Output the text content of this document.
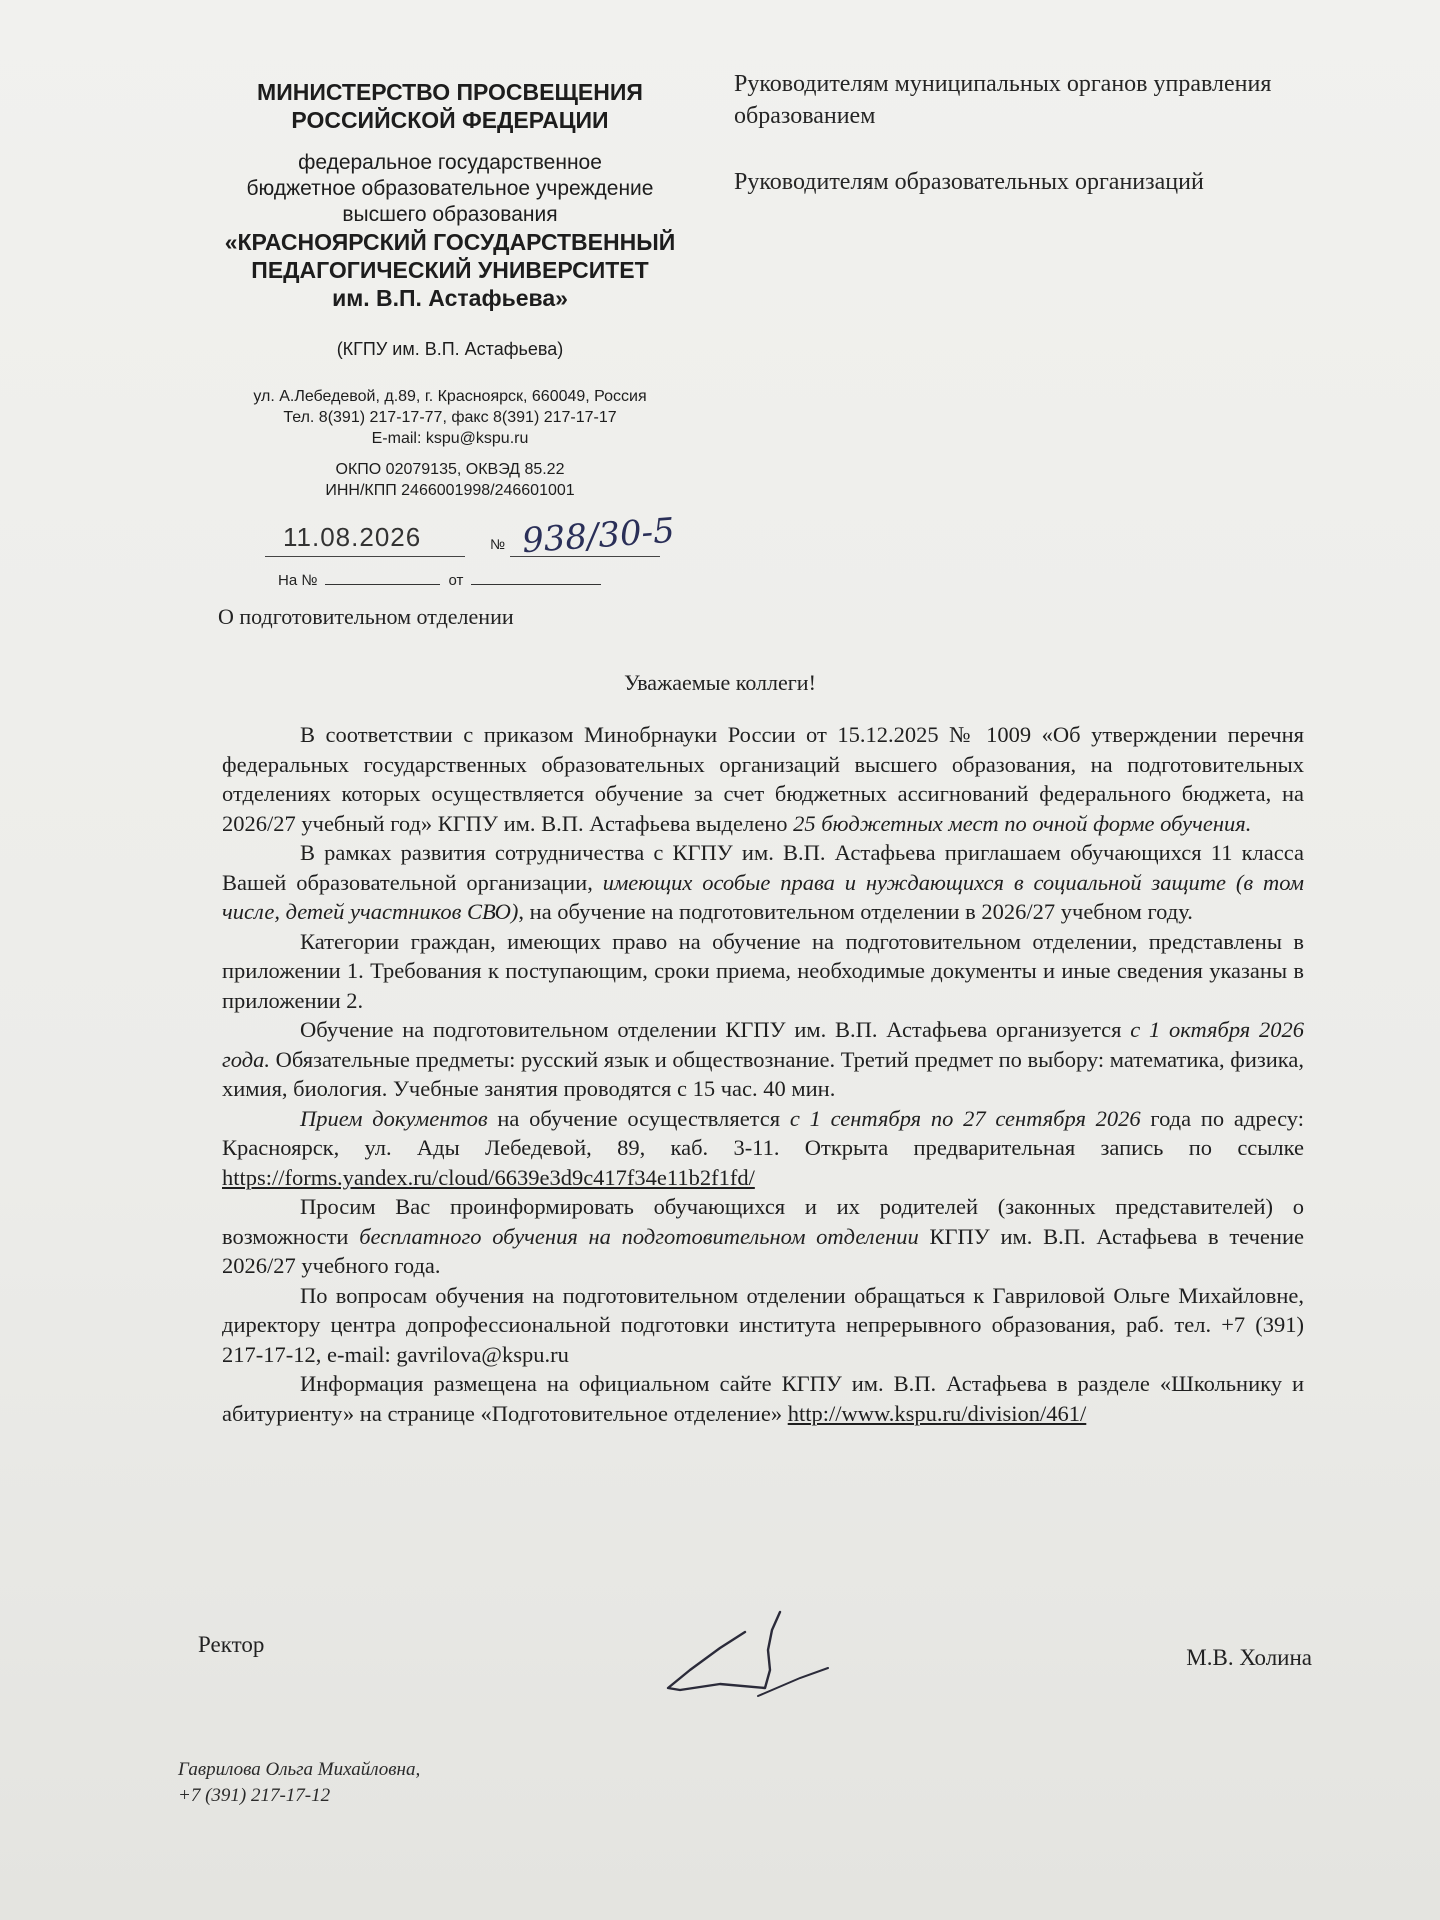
МИНИСТЕРСТВО ПРОСВЕЩЕНИЯ
РОССИЙСКОЙ ФЕДЕРАЦИИ
федеральное государственное
бюджетное образовательное учреждение
высшего образования
«КРАСНОЯРСКИЙ ГОСУДАРСТВЕННЫЙ
ПЕДАГОГИЧЕСКИЙ УНИВЕРСИТЕТ
им. В.П. Астафьева»
(КГПУ им. В.П. Астафьева)
ул. А.Лебедевой, д.89, г. Красноярск, 660049, Россия
Тел. 8(391) 217-17-77, факс 8(391) 217-17-17
E-mail: kspu@kspu.ru
ОКПО 02079135, ОКВЭД 85.22
ИНН/КПП 2466001998/246601001

Руководителям муниципальных органов управления образованием

Руководителям образовательных организаций

11.08.2026	№ 938/30-5
На №	от
О подготовительном отделении
Уважаемые коллеги!

В соответствии с приказом Минобрнауки России от 15.12.2025 № 1009 «Об утверждении перечня федеральных государственных образовательных организаций высшего образования, на подготовительных отделениях которых осуществляется обучение за счет бюджетных ассигнований федерального бюджета, на 2026/27 учебный год» КГПУ им. В.П. Астафьева выделено 25 бюджетных мест по очной форме обучения.

В рамках развития сотрудничества с КГПУ им. В.П. Астафьева приглашаем обучающихся 11 класса Вашей образовательной организации, имеющих особые права и нуждающихся в социальной защите (в том числе, детей участников СВО), на обучение на подготовительном отделении в 2026/27 учебном году.

Категории граждан, имеющих право на обучение на подготовительном отделении, представлены в приложении 1. Требования к поступающим, сроки приема, необходимые документы и иные сведения указаны в приложении 2.

Обучение на подготовительном отделении КГПУ им. В.П. Астафьева организуется с 1 октября 2026 года. Обязательные предметы: русский язык и обществознание. Третий предмет по выбору: математика, физика, химия, биология. Учебные занятия проводятся с 15 час. 40 мин.

Прием документов на обучение осуществляется с 1 сентября по 27 сентября 2026 года по адресу: Красноярск, ул. Ады Лебедевой, 89, каб. 3-11. Открыта предварительная запись по ссылке https://forms.yandex.ru/cloud/6639e3d9c417f34e11b2f1fd/

Просим Вас проинформировать обучающихся и их родителей (законных представителей) о возможности бесплатного обучения на подготовительном отделении КГПУ им. В.П. Астафьева в течение 2026/27 учебного года.

По вопросам обучения на подготовительном отделении обращаться к Гавриловой Ольге Михайловне, директору центра допрофессиональной подготовки института непрерывного образования, раб. тел. +7 (391) 217-17-12, e-mail: gavrilova@kspu.ru

Информация размещена на официальном сайте КГПУ им. В.П. Астафьева в разделе «Школьнику и абитуриенту» на странице «Подготовительное отделение» http://www.kspu.ru/division/461/

Ректор
М.В. Холина
Гаврилова Ольга Михайловна,
+7 (391) 217-17-12
